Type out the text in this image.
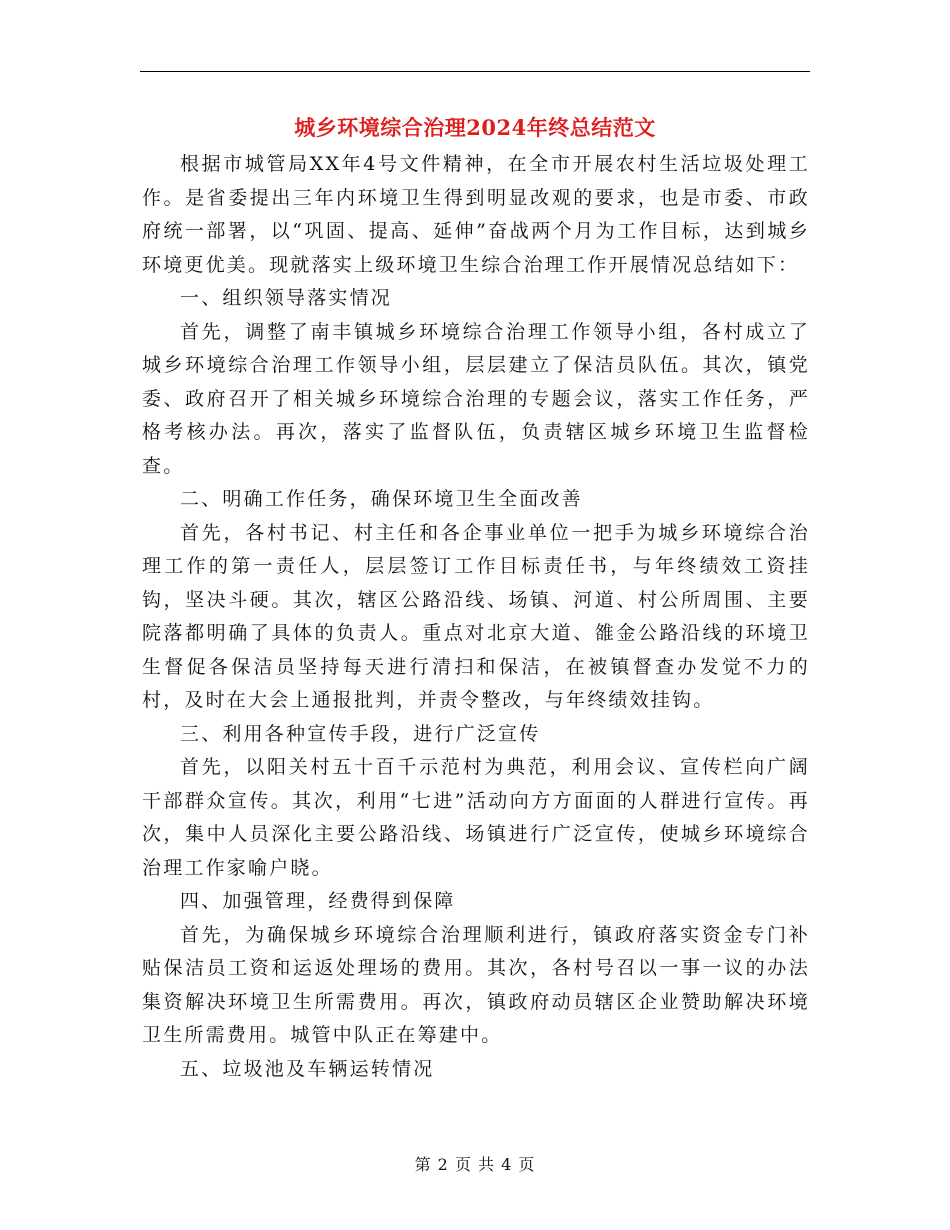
城乡环境综合治理2024年终总结范文

根据市城管局XX年4号文件精神，在全市开展农村生活垃圾处理工作。是省委提出三年内环境卫生得到明显改观的要求，也是市委、市政府统一部署，以“巩固、提高、延伸”奋战两个月为工作目标，达到城乡环境更优美。现就落实上级环境卫生综合治理工作开展情况总结如下：

一、组织领导落实情况

首先，调整了南丰镇城乡环境综合治理工作领导小组，各村成立了城乡环境综合治理工作领导小组，层层建立了保洁员队伍。其次，镇党委、政府召开了相关城乡环境综合治理的专题会议，落实工作任务，严格考核办法。再次，落实了监督队伍，负责辖区城乡环境卫生监督检查。

二、明确工作任务，确保环境卫生全面改善

首先，各村书记、村主任和各企事业单位一把手为城乡环境综合治理工作的第一责任人，层层签订工作目标责任书，与年终绩效工资挂钩，坚决斗硬。其次，辖区公路沿线、场镇、河道、村公所周围、主要院落都明确了具体的负责人。重点对北京大道、雒金公路沿线的环境卫生督促各保洁员坚持每天进行清扫和保洁，在被镇督查办发觉不力的村，及时在大会上通报批判，并责令整改，与年终绩效挂钩。

三、利用各种宣传手段，进行广泛宣传

首先，以阳关村五十百千示范村为典范，利用会议、宣传栏向广阔干部群众宣传。其次，利用“七进”活动向方方面面的人群进行宣传。再次，集中人员深化主要公路沿线、场镇进行广泛宣传，使城乡环境综合治理工作家喻户晓。

四、加强管理，经费得到保障

首先，为确保城乡环境综合治理顺利进行，镇政府落实资金专门补贴保洁员工资和运返处理场的费用。其次，各村号召以一事一议的办法集资解决环境卫生所需费用。再次，镇政府动员辖区企业赞助解决环境卫生所需费用。城管中队正在筹建中。

五、垃圾池及车辆运转情况

第 2 页 共 4 页
